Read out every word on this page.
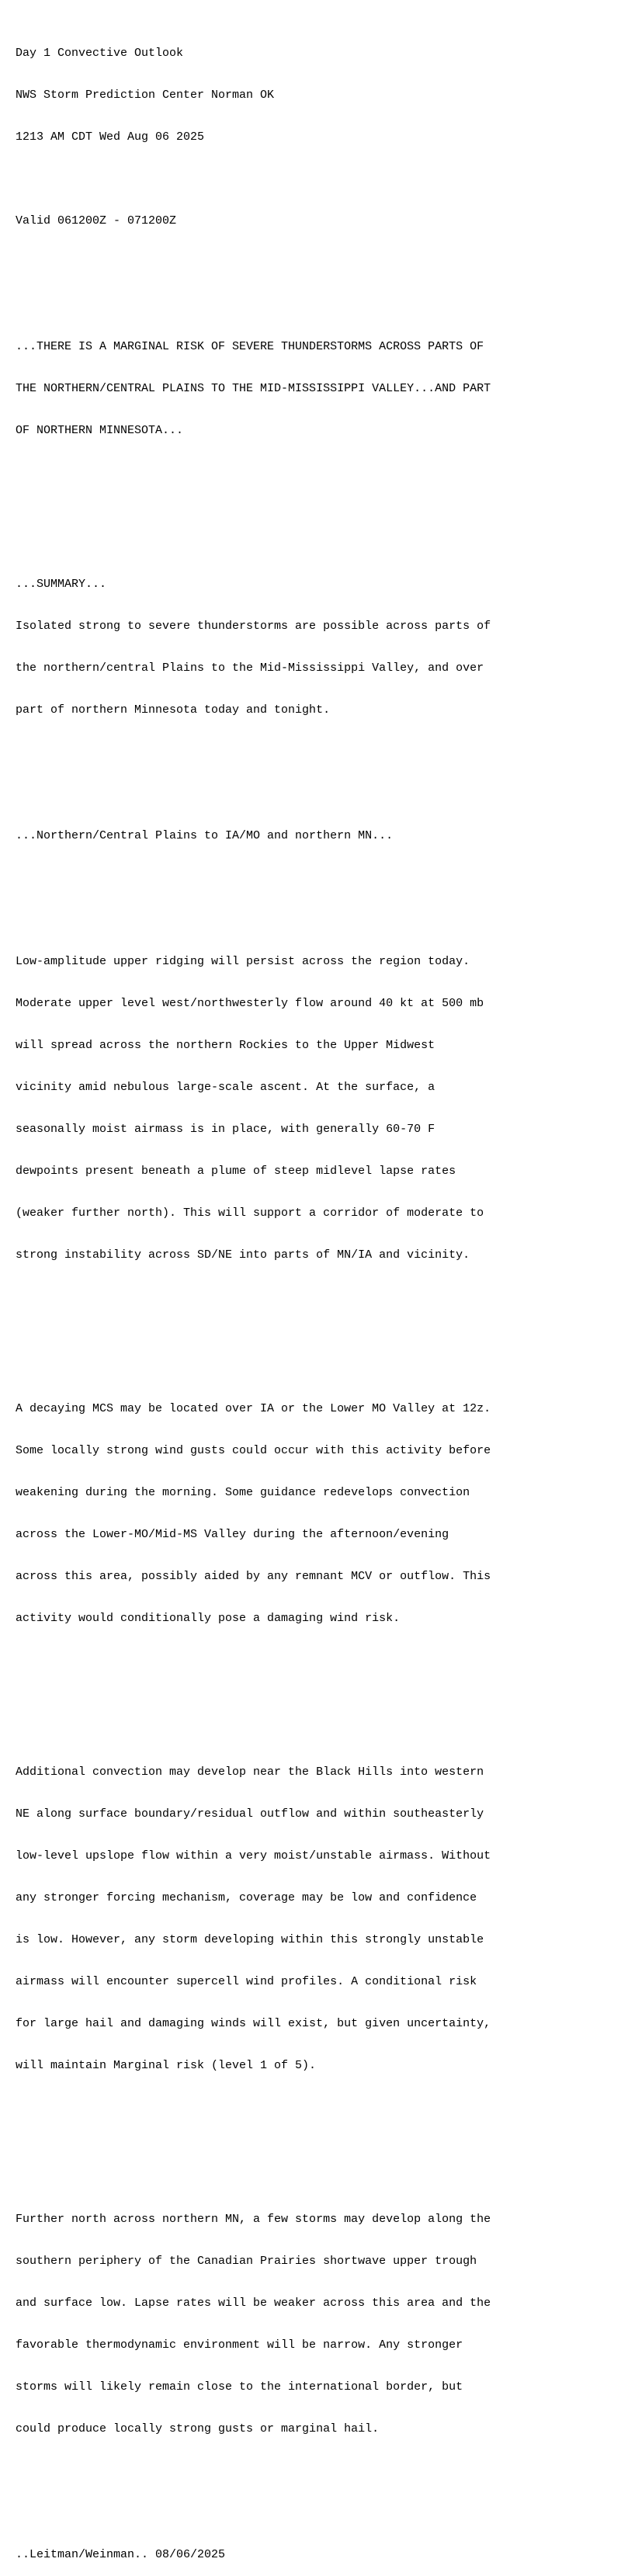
Day 1 Convective Outlook

NWS Storm Prediction Center Norman OK

1213 AM CDT Wed Aug 06 2025

Valid 061200Z - 071200Z

...THERE IS A MARGINAL RISK OF SEVERE THUNDERSTORMS ACROSS PARTS OF

THE NORTHERN/CENTRAL PLAINS TO THE MID-MISSISSIPPI VALLEY...AND PART

OF NORTHERN MINNESOTA...

...SUMMARY...

Isolated strong to severe thunderstorms are possible across parts of

the northern/central Plains to the Mid-Mississippi Valley, and over

part of northern Minnesota today and tonight.

...Northern/Central Plains to IA/MO and northern MN...

Low-amplitude upper ridging will persist across the region today.

Moderate upper level west/northwesterly flow around 40 kt at 500 mb

will spread across the northern Rockies to the Upper Midwest

vicinity amid nebulous large-scale ascent. At the surface, a

seasonally moist airmass is in place, with generally 60-70 F

dewpoints present beneath a plume of steep midlevel lapse rates

(weaker further north). This will support a corridor of moderate to

strong instability across SD/NE into parts of MN/IA and vicinity.

A decaying MCS may be located over IA or the Lower MO Valley at 12z.

Some locally strong wind gusts could occur with this activity before

weakening during the morning. Some guidance redevelops convection

across the Lower-MO/Mid-MS Valley during the afternoon/evening

across this area, possibly aided by any remnant MCV or outflow. This

activity would conditionally pose a damaging wind risk.

Additional convection may develop near the Black Hills into western

NE along surface boundary/residual outflow and within southeasterly

low-level upslope flow within a very moist/unstable airmass. Without

any stronger forcing mechanism, coverage may be low and confidence

is low. However, any storm developing within this strongly unstable

airmass will encounter supercell wind profiles. A conditional risk

for large hail and damaging winds will exist, but given uncertainty,

will maintain Marginal risk (level 1 of 5).

Further north across northern MN, a few storms may develop along the

southern periphery of the Canadian Prairies shortwave upper trough

and surface low. Lapse rates will be weaker across this area and the

favorable thermodynamic environment will be narrow. Any stronger

storms will likely remain close to the international border, but

could produce locally strong gusts or marginal hail.

..Leitman/Weinman.. 08/06/2025
